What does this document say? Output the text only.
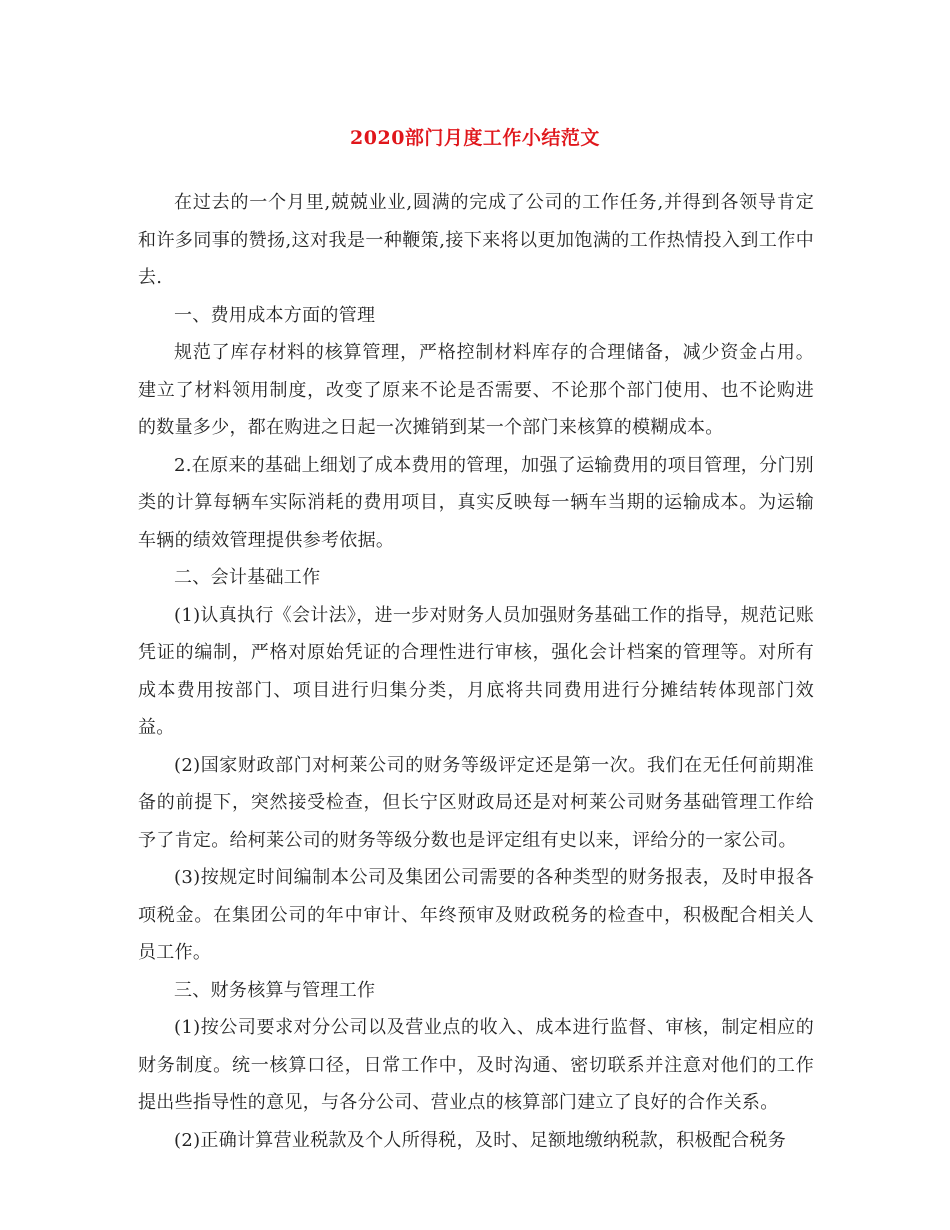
2020部门月度工作小结范文

在过去的一个月里,兢兢业业,圆满的完成了公司的工作任务,并得到各领导肯定和许多同事的赞扬,这对我是一种鞭策,接下来将以更加饱满的工作热情投入到工作中去.

一、费用成本方面的管理

规范了库存材料的核算管理，严格控制材料库存的合理储备，减少资金占用。建立了材料领用制度，改变了原来不论是否需要、不论那个部门使用、也不论购进的数量多少，都在购进之日起一次摊销到某一个部门来核算的模糊成本。

2.在原来的基础上细划了成本费用的管理，加强了运输费用的项目管理，分门别类的计算每辆车实际消耗的费用项目，真实反映每一辆车当期的运输成本。为运输车辆的绩效管理提供参考依据。

二、会计基础工作

(1)认真执行《会计法》，进一步对财务人员加强财务基础工作的指导，规范记账凭证的编制，严格对原始凭证的合理性进行审核，强化会计档案的管理等。对所有成本费用按部门、项目进行归集分类，月底将共同费用进行分摊结转体现部门效益。

(2)国家财政部门对柯莱公司的财务等级评定还是第一次。我们在无任何前期准备的前提下，突然接受检查，但长宁区财政局还是对柯莱公司财务基础管理工作给予了肯定。给柯莱公司的财务等级分数也是评定组有史以来，评给分的一家公司。

(3)按规定时间编制本公司及集团公司需要的各种类型的财务报表，及时申报各项税金。在集团公司的年中审计、年终预审及财政税务的检查中，积极配合相关人员工作。

三、财务核算与管理工作

(1)按公司要求对分公司以及营业点的收入、成本进行监督、审核，制定相应的财务制度。统一核算口径，日常工作中，及时沟通、密切联系并注意对他们的工作提出些指导性的意见，与各分公司、营业点的核算部门建立了良好的合作关系。

(2)正确计算营业税款及个人所得税，及时、足额地缴纳税款，积极配合税务
